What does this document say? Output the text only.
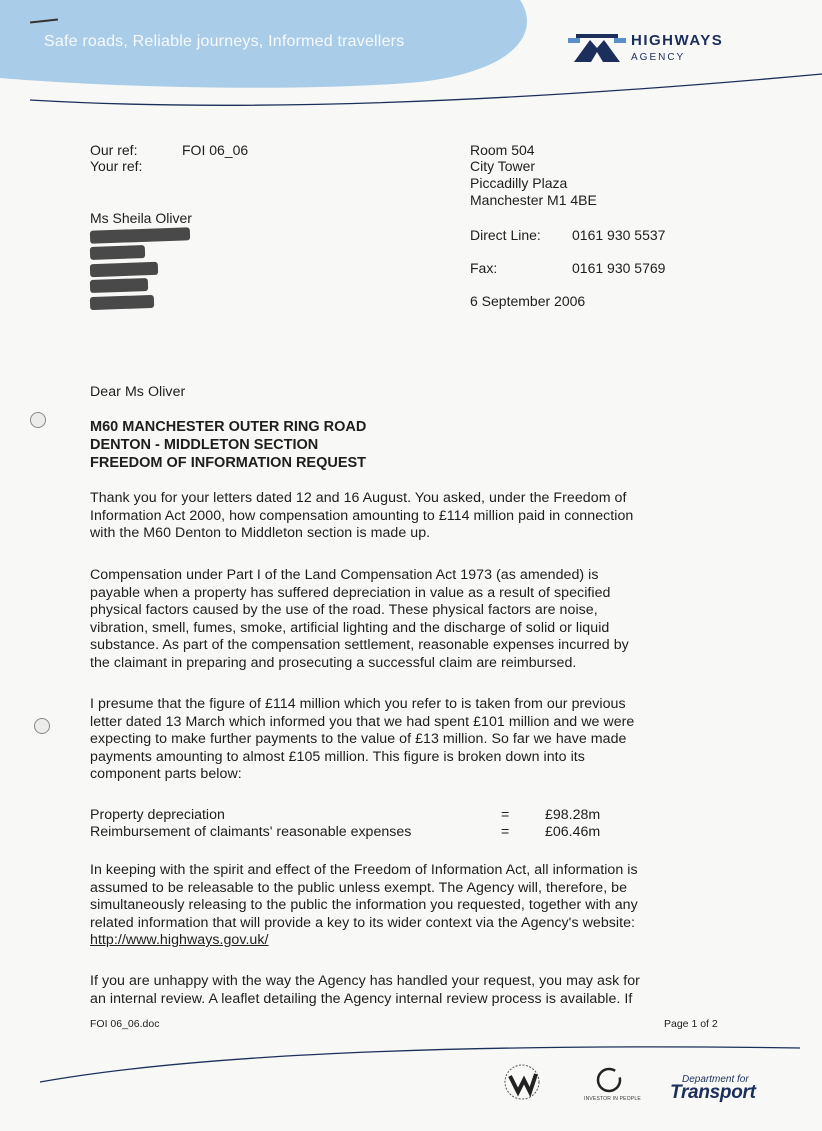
Safe roads, Reliable journeys, Informed travellers	HIGHWAYS
AGENCY
Our ref:	FOI 06_06
Your ref:
Ms Sheila Oliver
Room 504
City Tower
Piccadilly Plaza
Manchester M1 4BE
Direct Line: 0161 930 5537
Fax:	0161 930 5769
6 September 2006
Dear Ms Oliver
M60 MANCHESTER OUTER RING ROAD
DENTON - MIDDLETON SECTION
FREEDOM OF INFORMATION REQUEST
Thank you for your letters dated 12 and 16 August. You asked, under the Freedom of
Information Act 2000, how compensation amounting to £114 million paid in connection
with the M60 Denton to Middleton section is made up.
Compensation under Part I of the Land Compensation Act 1973 (as amended) is
payable when a property has suffered depreciation in value as a result of specified
physical factors caused by the use of the road. These physical factors are noise,
vibration, smell, fumes, smoke, artificial lighting and the discharge of solid or liquid
substance. As part of the compensation settlement, reasonable expenses incurred by
the claimant in preparing and prosecuting a successful claim are reimbursed.
I presume that the figure of £114 million which you refer to is taken from our previous
letter dated 13 March which informed you that we had spent £101 million and we were
expecting to make further payments to the value of £13 million. So far we have made
payments amounting to almost £105 million. This figure is broken down into its
component parts below:
Property depreciation	=	£98.28m
Reimbursement of claimants' reasonable expenses	=	£06.46m
In keeping with the spirit and effect of the Freedom of Information Act, all information is
assumed to be releasable to the public unless exempt. The Agency will, therefore, be
simultaneously releasing to the public the information you requested, together with any
related information that will provide a key to its wider context via the Agency's website:
http://www.highways.gov.uk/
If you are unhappy with the way the Agency has handled your request, you may ask for
an internal review. A leaflet detailing the Agency internal review process is available. If
FOI 06_06.doc	Page 1 of 2
INVESTOR IN PEOPLE
Department for
Transport
